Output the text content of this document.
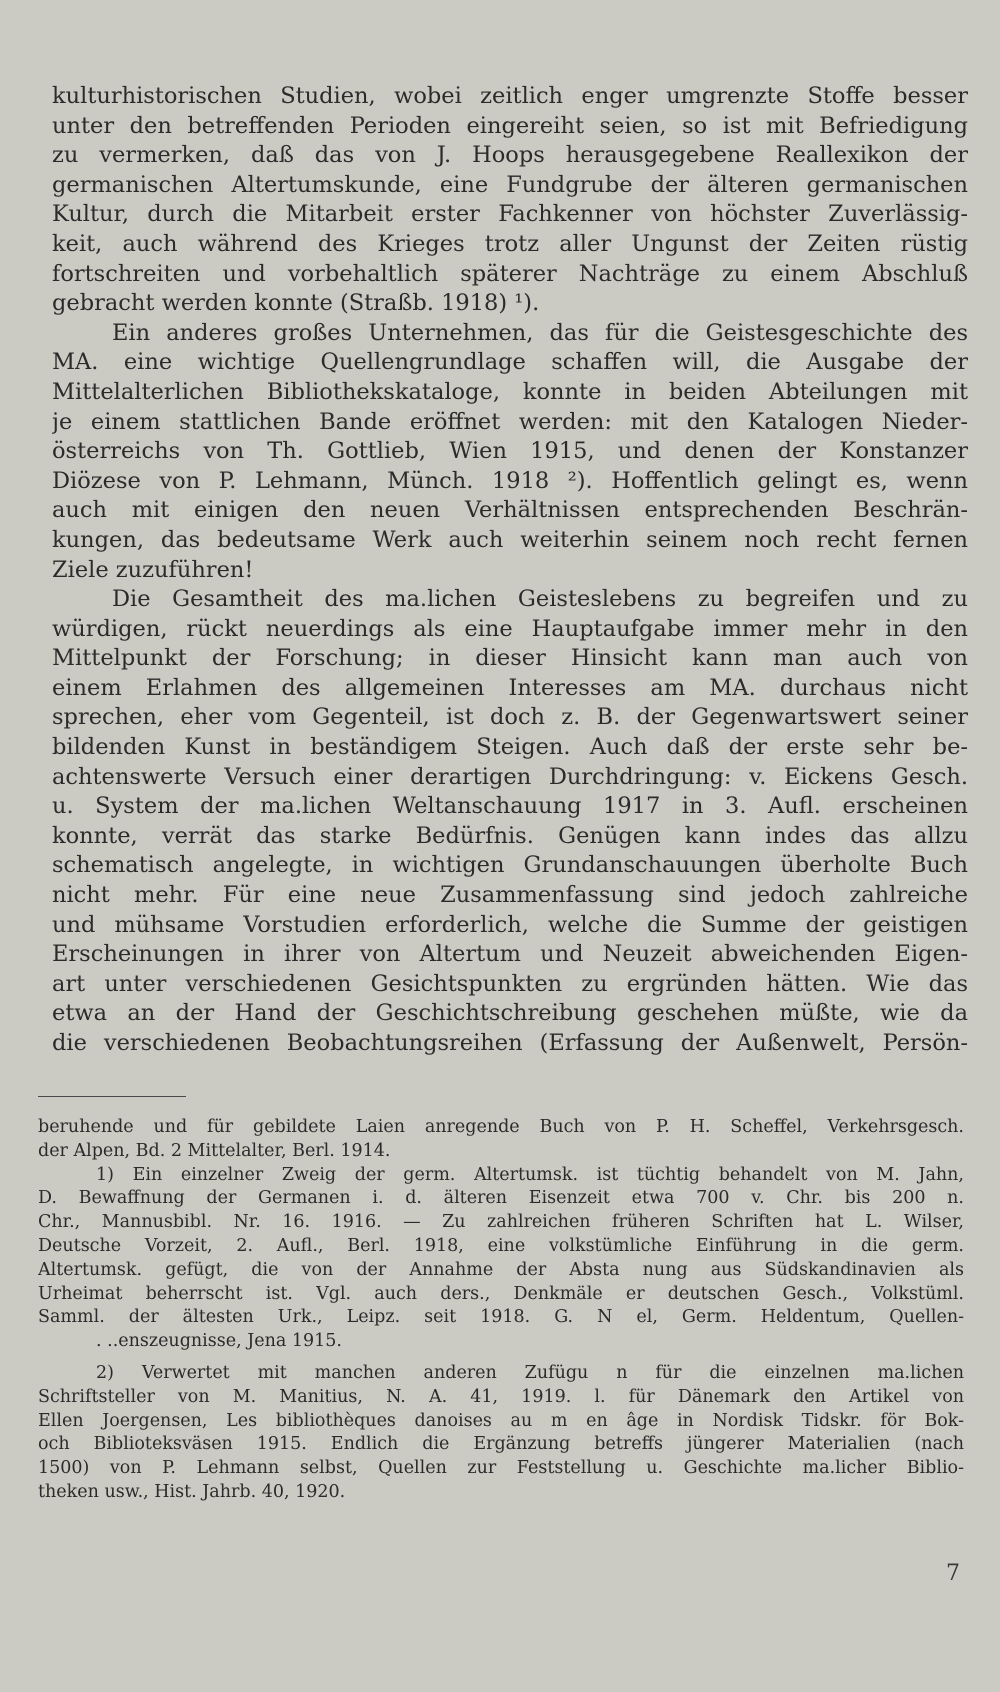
kulturhistorischen Studien, wobei zeitlich enger umgrenzte Stoffe besser
unter den betreffenden Perioden eingereiht seien, so ist mit Befriedigung
zu vermerken, daß das von J. Hoops herausgegebene Reallexikon der
germanischen Altertumskunde, eine Fundgrube der älteren germanischen
Kultur, durch die Mitarbeit erster Fachkenner von höchster Zuverlässig-
keit, auch während des Krieges trotz aller Ungunst der Zeiten rüstig
fortschreiten und vorbehaltlich späterer Nachträge zu einem Abschluß
gebracht werden konnte (Straßb. 1918) ¹).
Ein anderes großes Unternehmen, das für die Geistesgeschichte des
MA. eine wichtige Quellengrundlage schaffen will, die Ausgabe der
Mittelalterlichen Bibliothekskataloge, konnte in beiden Abteilungen mit
je einem stattlichen Bande eröffnet werden: mit den Katalogen Nieder-
österreichs von Th. Gottlieb, Wien 1915, und denen der Konstanzer
Diözese von P. Lehmann, Münch. 1918 ²). Hoffentlich gelingt es, wenn
auch mit einigen den neuen Verhältnissen entsprechenden Beschrän-
kungen, das bedeutsame Werk auch weiterhin seinem noch recht fernen
Ziele zuzuführen!
Die Gesamtheit des ma.lichen Geisteslebens zu begreifen und zu
würdigen, rückt neuerdings als eine Hauptaufgabe immer mehr in den
Mittelpunkt der Forschung; in dieser Hinsicht kann man auch von
einem Erlahmen des allgemeinen Interesses am MA. durchaus nicht
sprechen, eher vom Gegenteil, ist doch z. B. der Gegenwartswert seiner
bildenden Kunst in beständigem Steigen. Auch daß der erste sehr be-
achtenswerte Versuch einer derartigen Durchdringung: v. Eickens Gesch.
u. System der ma.lichen Weltanschauung 1917 in 3. Aufl. erscheinen
konnte, verrät das starke Bedürfnis. Genügen kann indes das allzu
schematisch angelegte, in wichtigen Grundanschauungen überholte Buch
nicht mehr. Für eine neue Zusammenfassung sind jedoch zahlreiche
und mühsame Vorstudien erforderlich, welche die Summe der geistigen
Erscheinungen in ihrer von Altertum und Neuzeit abweichenden Eigen-
art unter verschiedenen Gesichtspunkten zu ergründen hätten. Wie das
etwa an der Hand der Geschichtschreibung geschehen müßte, wie da
die verschiedenen Beobachtungsreihen (Erfassung der Außenwelt, Persön-
beruhende und für gebildete Laien anregende Buch von P. H. Scheffel, Verkehrsgesch.
der Alpen, Bd. 2 Mittelalter, Berl. 1914.
1) Ein einzelner Zweig der germ. Altertumsk. ist tüchtig behandelt von M. Jahn,
D. Bewaffnung der Germanen i. d. älteren Eisenzeit etwa 700 v. Chr. bis 200 n.
Chr., Mannusbibl. Nr. 16. 1916. — Zu zahlreichen früheren Schriften hat L. Wilser,
Deutsche Vorzeit, 2. Aufl., Berl. 1918, eine volkstümliche Einführung in die germ.
Altertumsk. gefügt, die von der Annahme der Absta nung aus Südskandinavien als
Urheimat beherrscht ist. Vgl. auch ders., Denkmäle er deutschen Gesch., Volkstüml.
Samml. der ältesten Urk., Leipz. seit 1918. G. N el, Germ. Heldentum, Quellen-
. ..enszeugnisse, Jena 1915.
2) Verwertet mit manchen anderen Zufügu n für die einzelnen ma.lichen
Schriftsteller von M. Manitius, N. A. 41, 1919. l. für Dänemark den Artikel von
Ellen Joergensen, Les bibliothèques danoises au m en âge in Nordisk Tidskr. för Bok-
och Biblioteksväsen 1915. Endlich die Ergänzung betreffs jüngerer Materialien (nach
1500) von P. Lehmann selbst, Quellen zur Feststellung u. Geschichte ma.licher Biblio-
theken usw., Hist. Jahrb. 40, 1920.
7
